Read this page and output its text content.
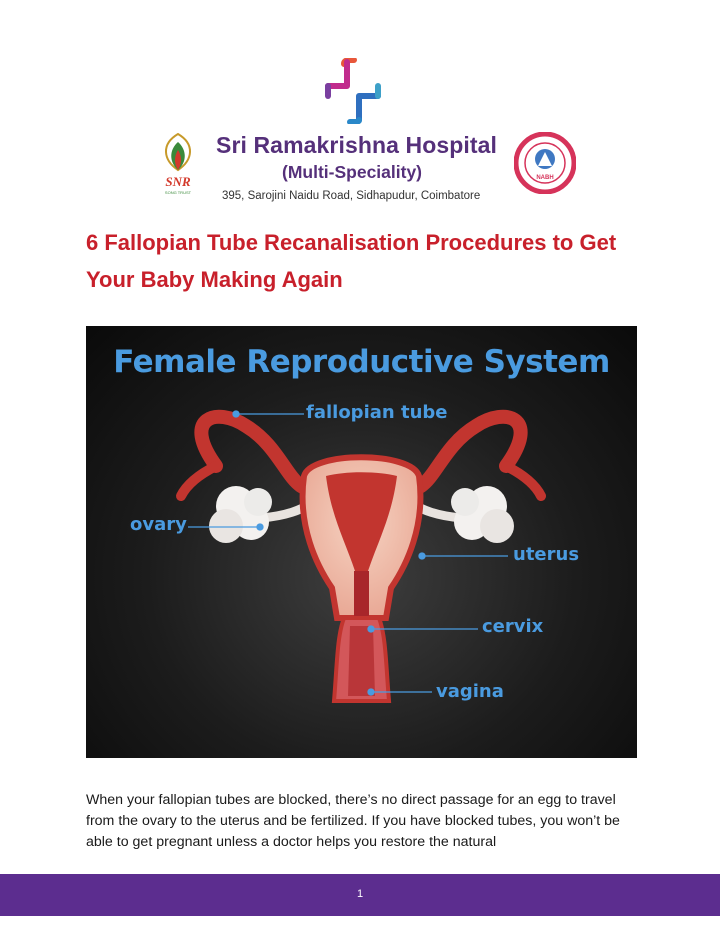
SNR
SONG TRUST
Sri Ramakrishna Hospital
(Multi-Speciality)
395, Sarojini Naidu Road, Sidhapudur, Coimbatore
NABH
6 Fallopian Tube Recanalisation Procedures to Get Your Baby Making Again
Female Reproductive System
fallopian tube
ovary
uterus
cervix
vagina
When your fallopian tubes are blocked, there’s no direct passage for an egg to travel from the ovary to the uterus and be fertilized. If you have blocked tubes, you won’t be able to get pregnant unless a doctor helps you restore the natural
1
